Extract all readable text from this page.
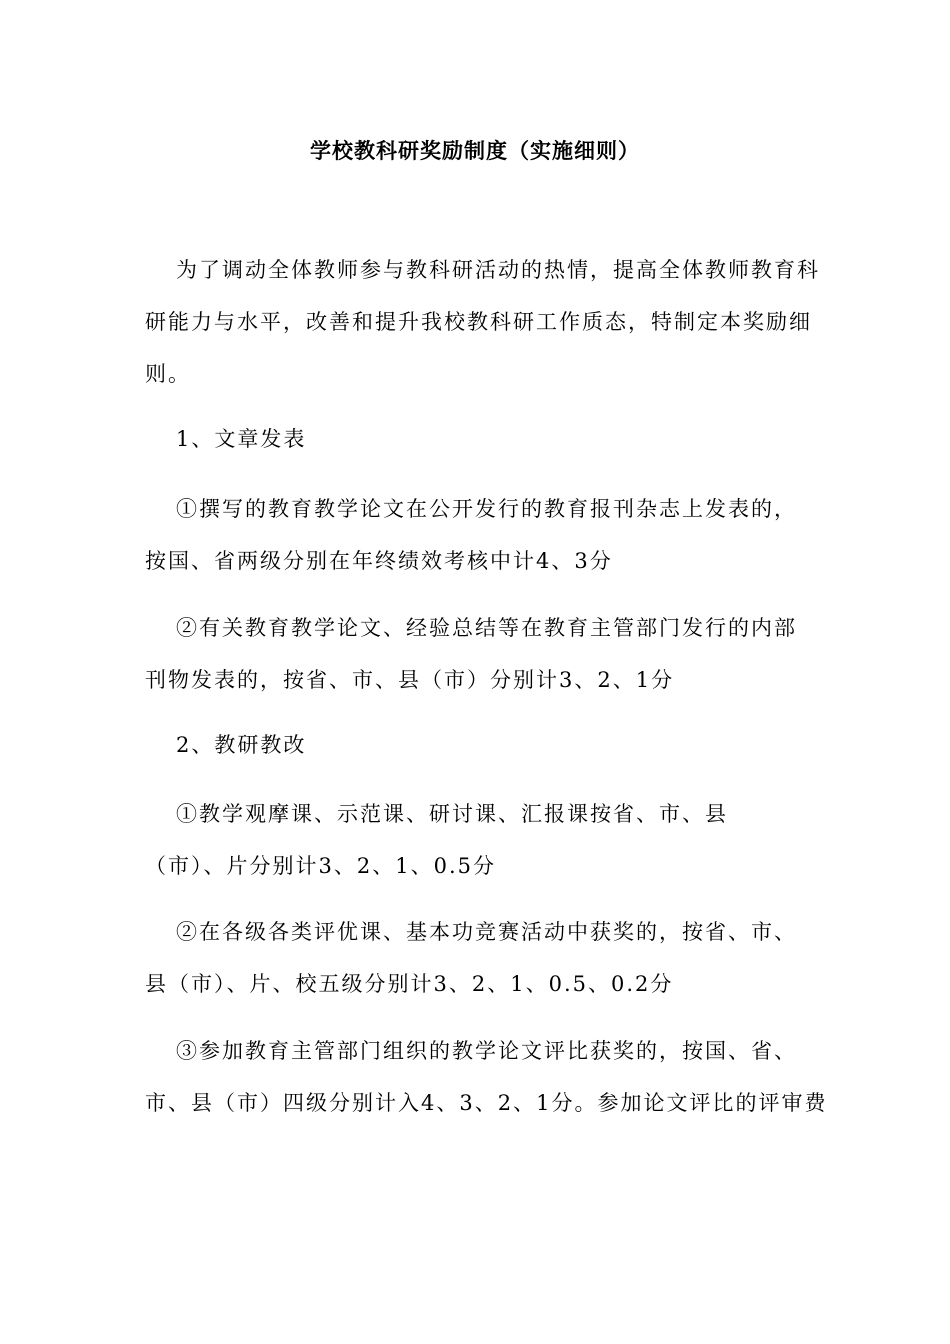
学校教科研奖励制度（实施细则）
为了调动全体教师参与教科研活动的热情，提高全体教师教育科
研能力与水平，改善和提升我校教科研工作质态，特制定本奖励细
则。
1、文章发表
①撰写的教育教学论文在公开发行的教育报刊杂志上发表的，
按国、省两级分别在年终绩效考核中计4、3分
②有关教育教学论文、经验总结等在教育主管部门发行的内部
刊物发表的，按省、市、县（市）分别计3、2、1分
2、教研教改
①教学观摩课、示范课、研讨课、汇报课按省、市、县
（市）、片分别计3、2、1、0.5分
②在各级各类评优课、基本功竞赛活动中获奖的，按省、市、
县（市）、片、校五级分别计3、2、1、0.5、0.2分
③参加教育主管部门组织的教学论文评比获奖的，按国、省、
市、县（市）四级分别计入4、3、2、1分。参加论文评比的评审费
